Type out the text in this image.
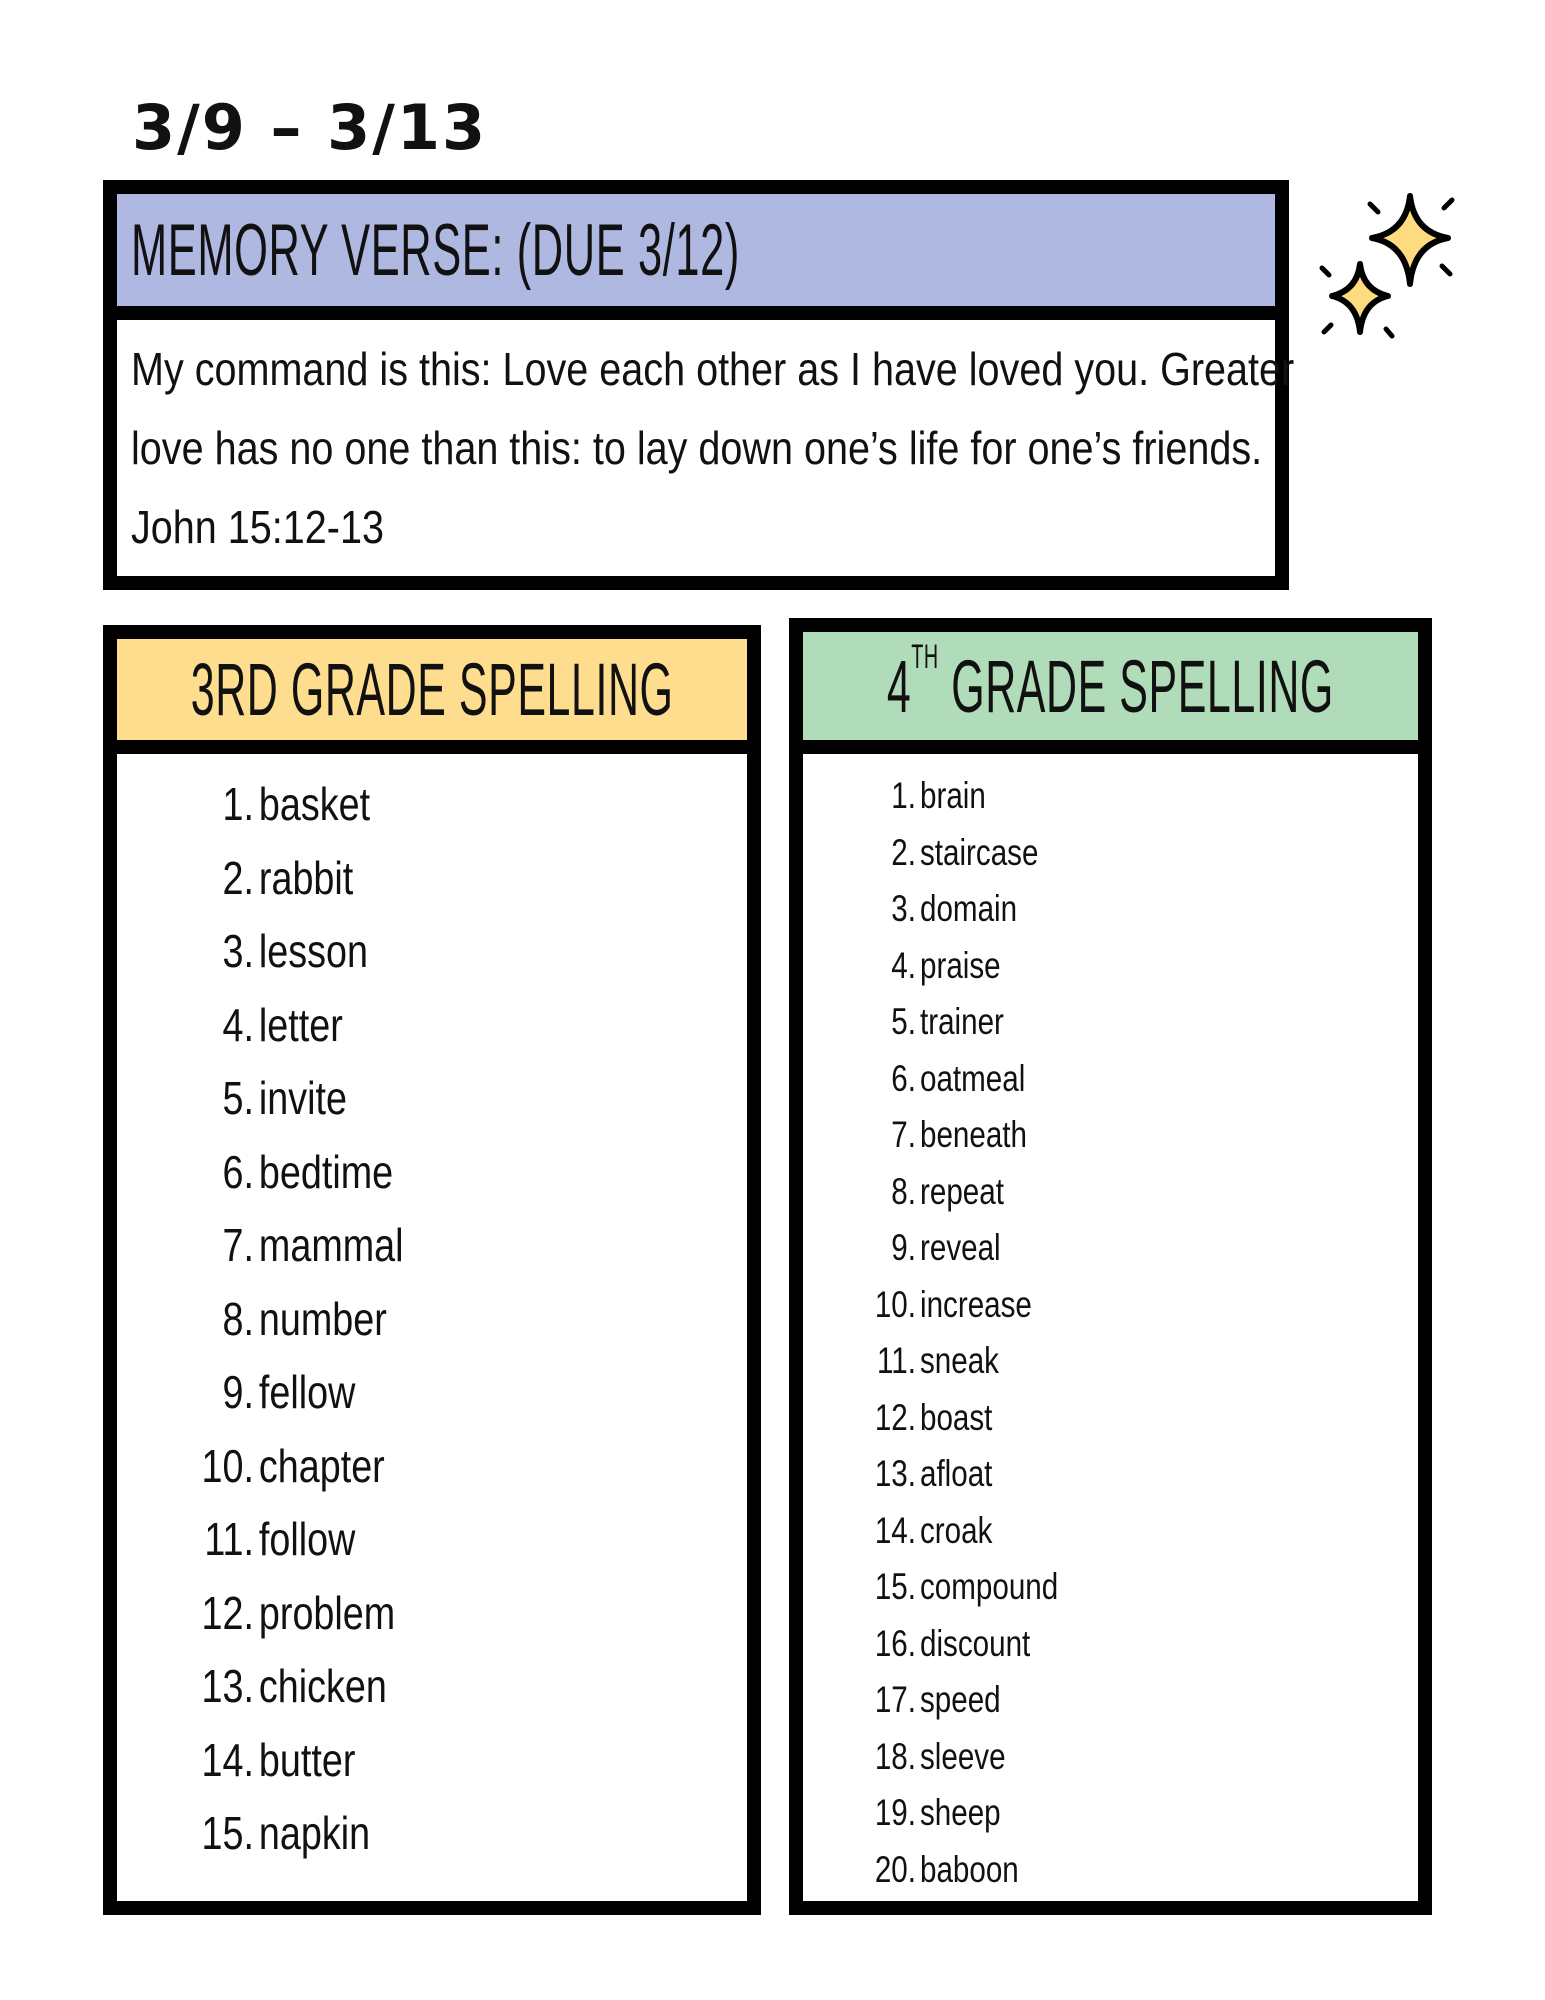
3/9 – 3/13
MEMORY VERSE: (DUE 3/12)
My command is this: Love each other as I have loved you. Greater
love has no one than this: to lay down one’s life for one’s friends.
John 15:12-13
3RD GRADE SPELLING
1. basket
2. rabbit
3. lesson
4. letter
5. invite
6. bedtime
7. mammal
8. number
9. fellow
10. chapter
11. follow
12. problem
13. chicken
14. butter
15. napkin
4TH GRADE SPELLING
1. brain
2. staircase
3. domain
4. praise
5. trainer
6. oatmeal
7. beneath
8. repeat
9. reveal
10. increase
11. sneak
12. boast
13. afloat
14. croak
15. compound
16. discount
17. speed
18. sleeve
19. sheep
20. baboon
